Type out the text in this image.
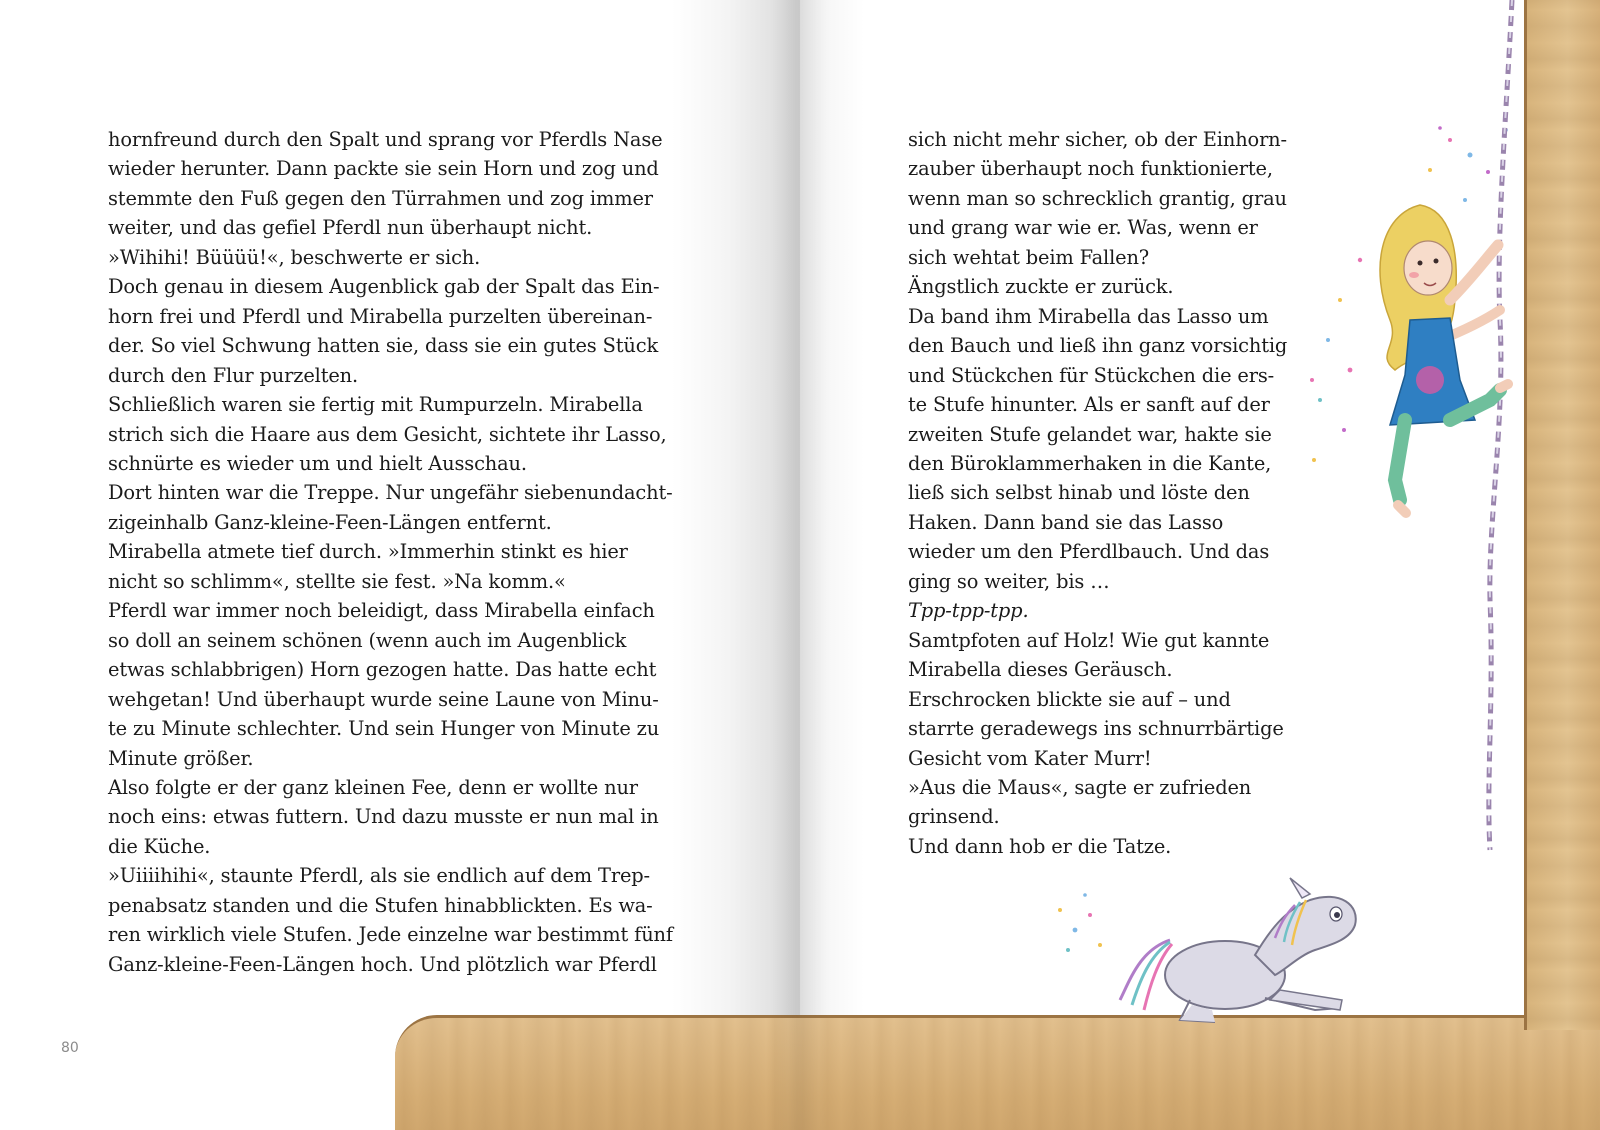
hornfreund durch den Spalt und sprang vor Pferdls Nase
wieder herunter. Dann packte sie sein Horn und zog und
stemmte den Fuß gegen den Türrahmen und zog immer
weiter, und das gefiel Pferdl nun überhaupt nicht.
»Wihihi! Büüüü!«, beschwerte er sich.
Doch genau in diesem Augenblick gab der Spalt das Ein-
horn frei und Pferdl und Mirabella purzelten übereinan-
der. So viel Schwung hatten sie, dass sie ein gutes Stück
durch den Flur purzelten.
Schließlich waren sie fertig mit Rumpurzeln. Mirabella
strich sich die Haare aus dem Gesicht, sichtete ihr Lasso,
schnürte es wieder um und hielt Ausschau.
Dort hinten war die Treppe. Nur ungefähr siebenundacht-
zigeinhalb Ganz-kleine-Feen-Längen entfernt.
Mirabella atmete tief durch. »Immerhin stinkt es hier
nicht so schlimm«, stellte sie fest. »Na komm.«
Pferdl war immer noch beleidigt, dass Mirabella einfach
so doll an seinem schönen (wenn auch im Augenblick
etwas schlabbrigen) Horn gezogen hatte. Das hatte echt
wehgetan! Und überhaupt wurde seine Laune von Minu-
te zu Minute schlechter. Und sein Hunger von Minute zu
Minute größer.
Also folgte er der ganz kleinen Fee, denn er wollte nur
noch eins: etwas futtern. Und dazu musste er nun mal in
die Küche.
»Uiiiihihi«, staunte Pferdl, als sie endlich auf dem Trep-
penabsatz standen und die Stufen hinabblickten. Es wa-
ren wirklich viele Stufen. Jede einzelne war bestimmt fünf
Ganz-kleine-Feen-Längen hoch. Und plötzlich war Pferdl
80
sich nicht mehr sicher, ob der Einhorn-
zauber überhaupt noch funktionierte,
wenn man so schrecklich grantig, grau
und grang war wie er. Was, wenn er
sich wehtat beim Fallen?
Ängstlich zuckte er zurück.
Da band ihm Mirabella das Lasso um
den Bauch und ließ ihn ganz vorsichtig
und Stückchen für Stückchen die ers-
te Stufe hinunter. Als er sanft auf der
zweiten Stufe gelandet war, hakte sie
den Büroklammerhaken in die Kante,
ließ sich selbst hinab und löste den
Haken. Dann band sie das Lasso
wieder um den Pferdlbauch. Und das
ging so weiter, bis …
Tpp-tpp-tpp.
Samtpfoten auf Holz! Wie gut kannte
Mirabella dieses Geräusch.
Erschrocken blickte sie auf – und
starrte geradewegs ins schnurrbärtige
Gesicht vom Kater Murr!
»Aus die Maus«, sagte er zufrieden
grinsend.
Und dann hob er die Tatze.
